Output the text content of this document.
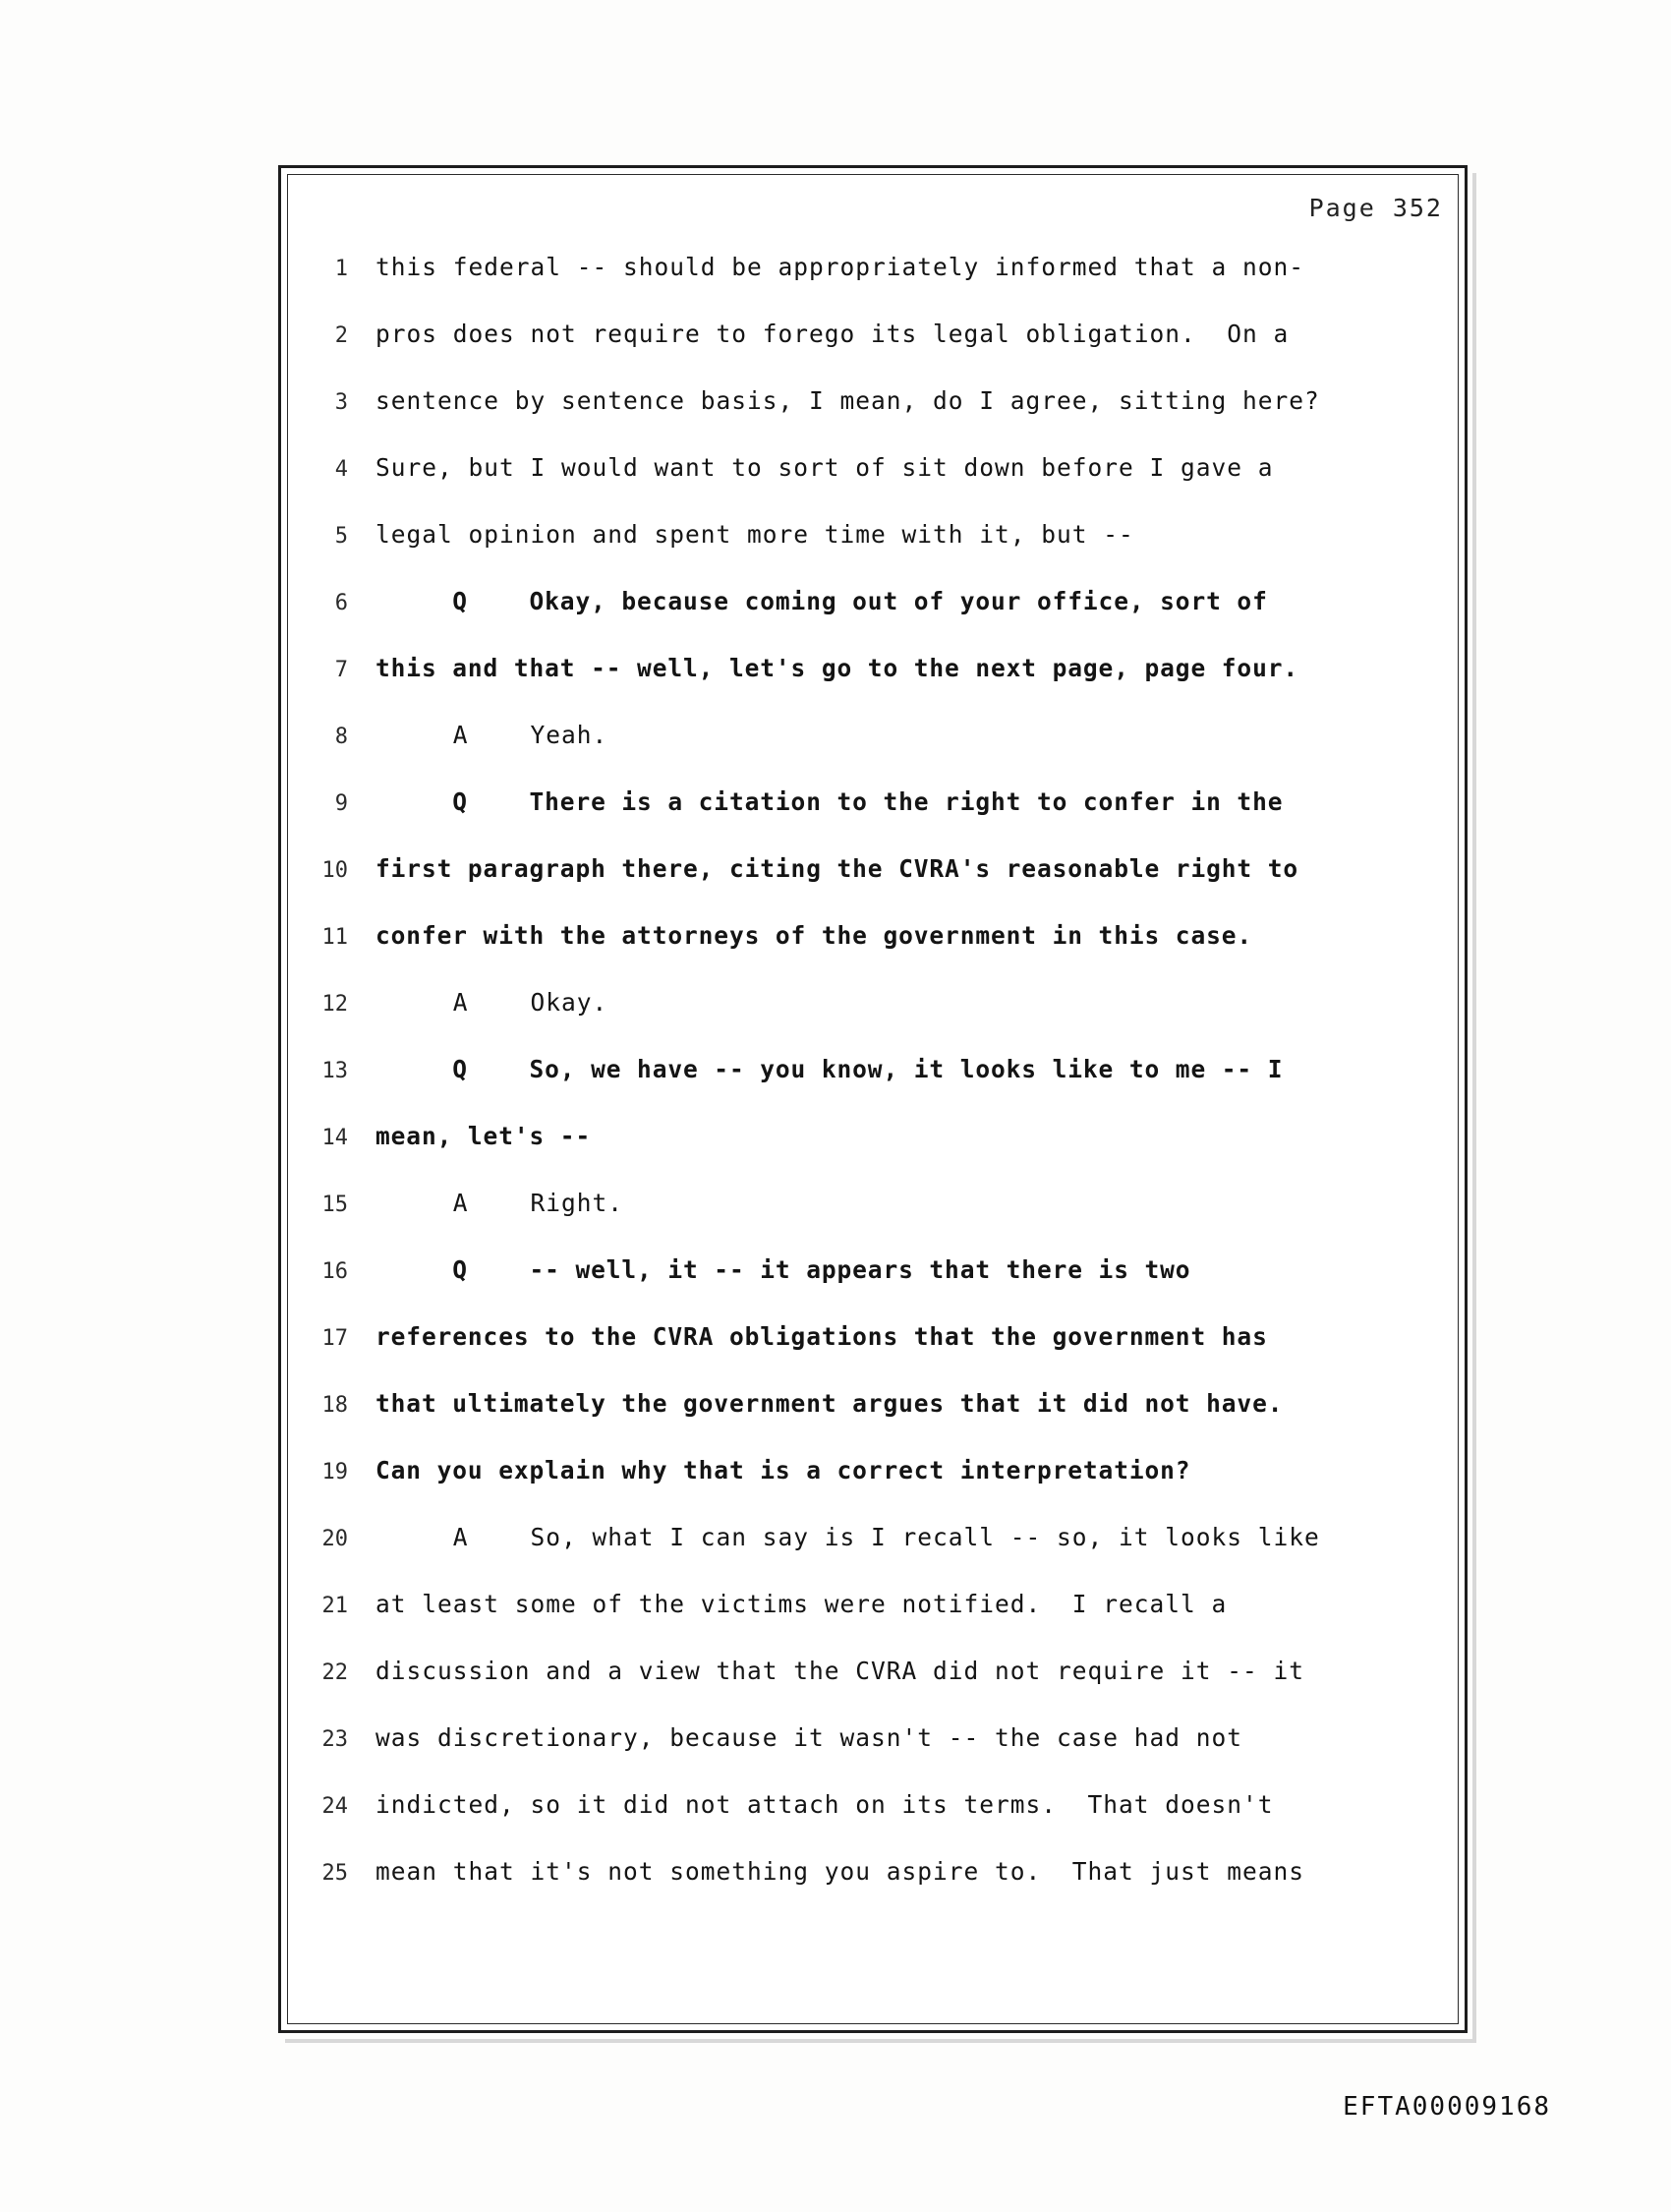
Page 352
1 this federal -- should be appropriately informed that a non-
2 pros does not require to forego its legal obligation.  On a
3 sentence by sentence basis, I mean, do I agree, sitting here?
4 Sure, but I would want to sort of sit down before I gave a
5 legal opinion and spent more time with it, but --
6 Q    Okay, because coming out of your office, sort of
7 this and that -- well, let's go to the next page, page four.
8 A    Yeah.
9 Q    There is a citation to the right to confer in the
10 first paragraph there, citing the CVRA's reasonable right to
11 confer with the attorneys of the government in this case.
12 A    Okay.
13 Q    So, we have -- you know, it looks like to me -- I
14 mean, let's --
15 A    Right.
16 Q    -- well, it -- it appears that there is two
17 references to the CVRA obligations that the government has
18 that ultimately the government argues that it did not have.
19 Can you explain why that is a correct interpretation?
20 A    So, what I can say is I recall -- so, it looks like
21 at least some of the victims were notified.  I recall a
22 discussion and a view that the CVRA did not require it -- it
23 was discretionary, because it wasn't -- the case had not
24 indicted, so it did not attach on its terms.  That doesn't
25 mean that it's not something you aspire to.  That just means
EFTA00009168
